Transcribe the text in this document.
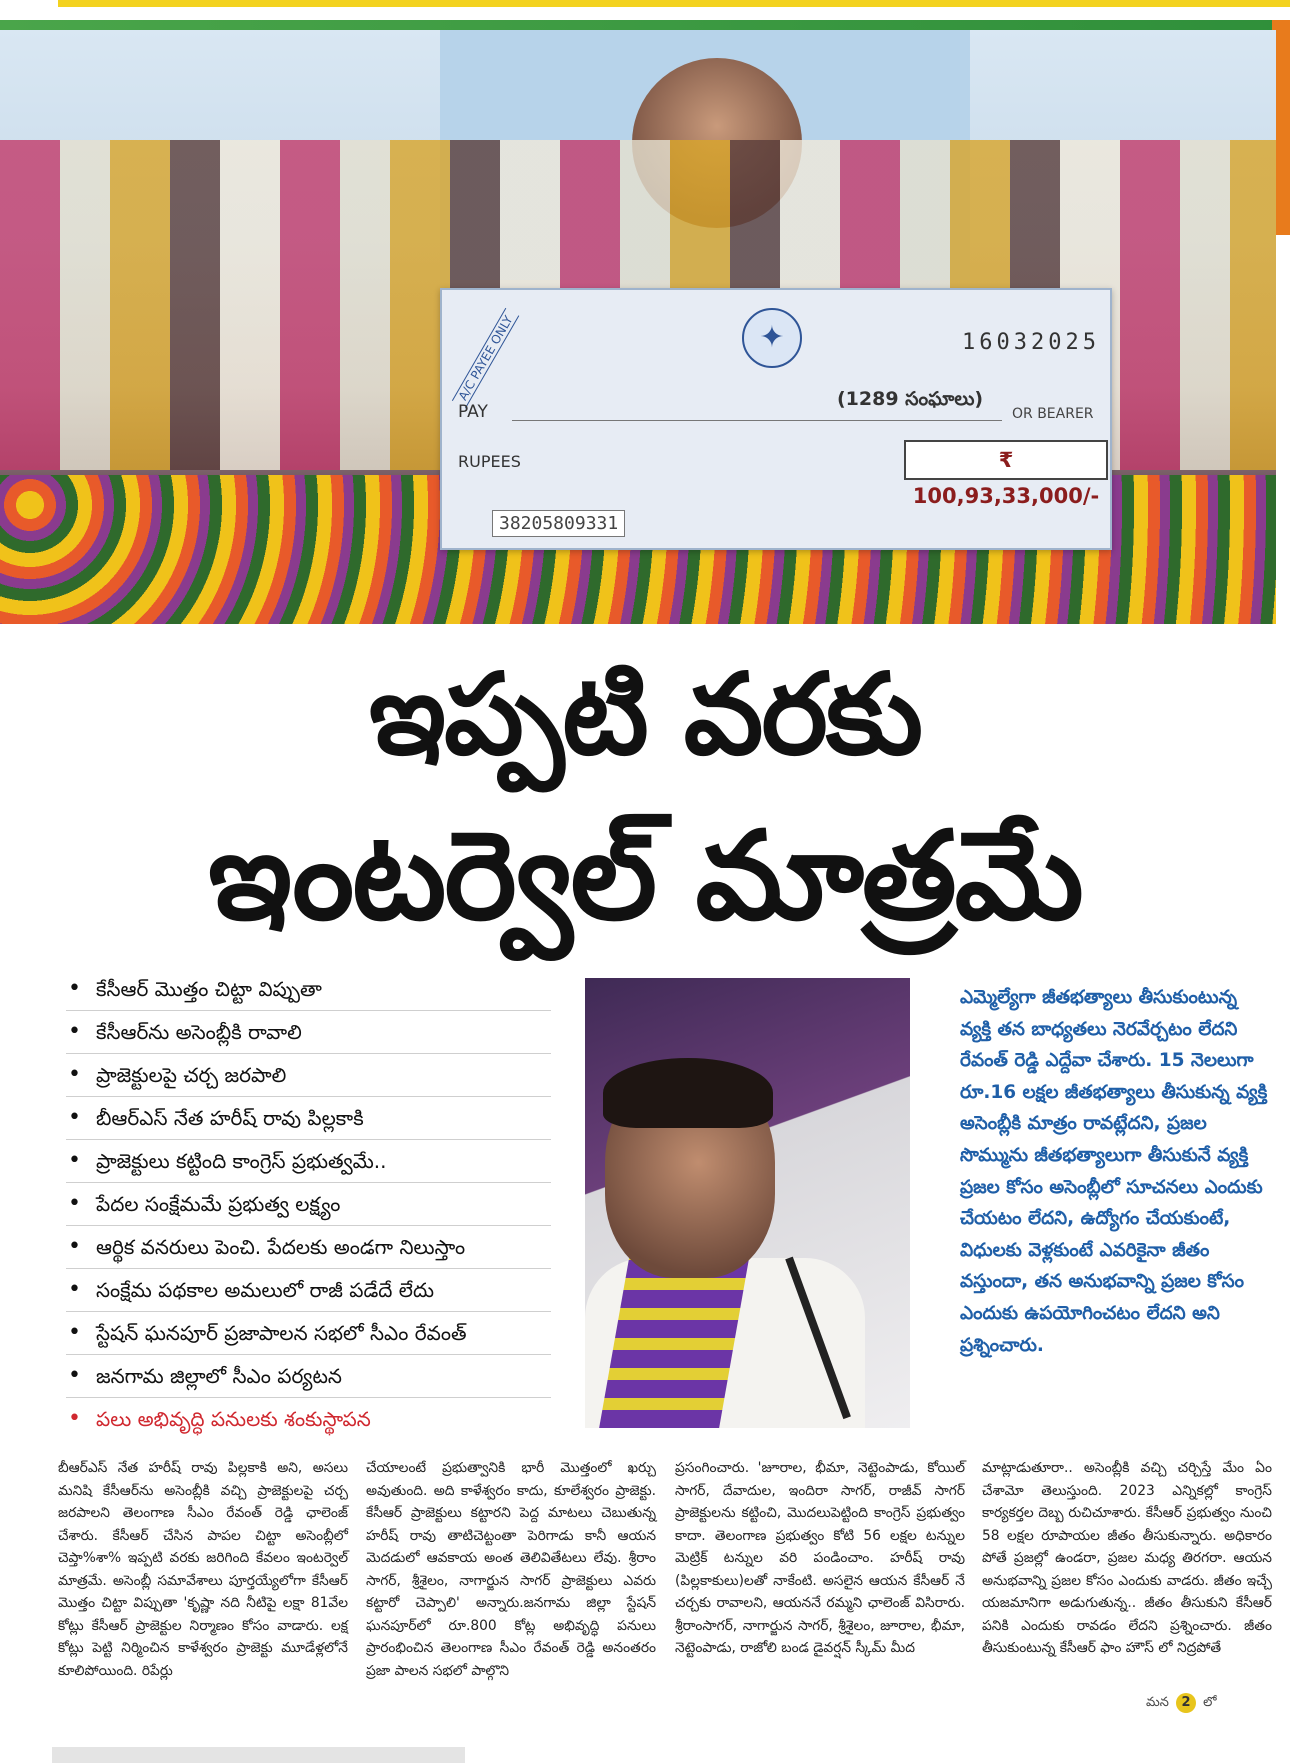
A/C PAYEE ONLY	✦	16032025
PAY
(1289 సంఘాలు)
OR BEARER
RUPEES	₹ 100,93,33,000/-
38205809331
ఇప్పటి వరకు
ఇంటర్వెల్ మాత్రమే
• కేసీఆర్ మొత్తం చిట్టా విప్పుతా
• కేసీఆర్‌ను అసెంబ్లీకి రావాలి
• ప్రాజెక్టులపై చర్చ జరపాలి
• బీఆర్ఎస్ నేత హరీష్ రావు పిల్లకాకి
• ప్రాజెక్టులు కట్టింది కాంగ్రెస్ ప్రభుత్వమే..
• పేదల సంక్షేమమే ప్రభుత్వ లక్ష్యం
• ఆర్థిక వనరులు పెంచి. పేదలకు అండగా నిలుస్తాం
• సంక్షేమ పథకాల అమలులో రాజీ పడేదే లేదు
• స్టేషన్ ఘనపూర్ ప్రజాపాలన సభలో సీఎం రేవంత్
• జనగామ జిల్లాలో సీఎం పర్యటన
• పలు అభివృద్ధి పనులకు శంకుస్థాపన

ఎమ్మెల్యేగా జీతభత్యాలు తీసుకుంటున్న వ్యక్తి తన బాధ్యతలు నెరవేర్చటం లేదని రేవంత్ రెడ్డి ఎద్దేవా చేశారు. 15 నెలలుగా రూ.16 లక్షల జీతభత్యాలు తీసుకున్న వ్యక్తి అసెంబ్లీకి మాత్రం రావట్లేదని, ప్రజల సొమ్మును జీతభత్యాలుగా తీసుకునే వ్యక్తి ప్రజల కోసం అసెంబ్లీలో సూచనలు ఎందుకు చేయటం లేదని, ఉద్యోగం చేయకుంటే, విధులకు వెళ్లకుంటే ఎవరికైనా జీతం వస్తుందా, తన అనుభవాన్ని ప్రజల కోసం ఎందుకు ఉపయోగించటం లేదని అని ప్రశ్నించారు.

బీఆర్ఎస్ నేత హరీష్ రావు పిల్లకాకి అని, అసలు మనిషి కేసీఆర్‌ను అసెంబ్లీకి వచ్చి ప్రాజెక్టులపై చర్చ జరపాలని తెలంగాణ సీఎం రేవంత్ రెడ్డి ఛాలెంజ్ చేశారు. కేసీఆర్ చేసిన పాపల చిట్టా అసెంబ్లీలో చెప్తా%శా% ఇప్పటి వరకు జరిగింది కేవలం ఇంటర్వెల్ మాత్రమే. అసెంబ్లీ సమావేశాలు పూర్తయ్యేలోగా కేసీఆర్ మొత్తం చిట్టా విప్పుతా 'కృష్ణా నది నీటిపై లక్షా 81వేల కోట్లు కేసీఆర్ ప్రాజెక్టుల నిర్మాణం కోసం వాడారు. లక్ష కోట్లు పెట్టి నిర్మించిన కాళేశ్వరం ప్రాజెక్టు మూడేళ్లలోనే కూలిపోయింది. రిపేర్లు
చేయాలంటే ప్రభుత్వానికి భారీ మొత్తంలో ఖర్చు అవుతుంది. అది కాళేశ్వరం కాదు, కూలేశ్వరం ప్రాజెక్టు. కేసీఆర్ ప్రాజెక్టులు కట్టారని పెద్ద మాటలు చెబుతున్న హరీష్ రావు తాటిచెట్టంతా పెరిగాడు కానీ ఆయన మెదడులో ఆవకాయ అంత తెలివితేటలు లేవు. శ్రీరాం సాగర్, శ్రీశైలం, నాగార్జున సాగర్ ప్రాజెక్టులు ఎవరు కట్టారో చెప్పాలి' అన్నారు.జనగామ జిల్లా స్టేషన్ ఘనపూర్‌లో రూ.800 కోట్ల అభివృద్ధి పనులు ప్రారంభించిన తెలంగాణ సీఎం రేవంత్ రెడ్డి అనంతరం ప్రజా పాలన సభలో పాల్గొని
ప్రసంగించారు. 'జూరాల, భీమా, నెట్టెంపాడు, కోయిల్ సాగర్, దేవాదుల, ఇందిరా సాగర్, రాజీవ్ సాగర్ ప్రాజెక్టులను కట్టించి, మొదలుపెట్టింది కాంగ్రెస్ ప్రభుత్వం కాదా. తెలంగాణ ప్రభుత్వం కోటి 56 లక్షల టన్నుల మెట్రిక్ టన్నుల వరి పండించాం. హరీష్ రావు (పిల్లకాకులు)లతో నాకేంటి. అసలైన ఆయన కేసీఆర్ నే చర్చకు రావాలని, ఆయననే రమ్మని ఛాలెంజ్ విసిరారు. శ్రీరాంసాగర్, నాగార్జున సాగర్, శ్రీశైలం, జూరాల, భీమా, నెట్టెంపాడు, రాజోలి బండ డైవర్షన్ స్కీమ్ మీద
మాట్లాడుతూరా.. అసెంబ్లీకి వచ్చి చర్చిస్తే మేం ఏం చేశామో తెలుస్తుంది. 2023 ఎన్నికల్లో కాంగ్రెస్ కార్యకర్తల దెబ్బ రుచిచూశారు. కేసీఆర్ ప్రభుత్వం నుంచి 58 లక్షల రూపాయల జీతం తీసుకున్నారు. అధికారం పోతే ప్రజల్లో ఉండరా, ప్రజల మధ్య తిరగరా. ఆయన అనుభవాన్ని ప్రజల కోసం ఎందుకు వాడరు. జీతం ఇచ్చే యజమానిగా అడుగుతున్న.. జీతం తీసుకుని కేసీఆర్ పనికి ఎందుకు రావడం లేదని ప్రశ్నించారు. జీతం తీసుకుంటున్న కేసీఆర్ ఫాం హౌస్ లో నిద్రపోతే
మన 2 లో
